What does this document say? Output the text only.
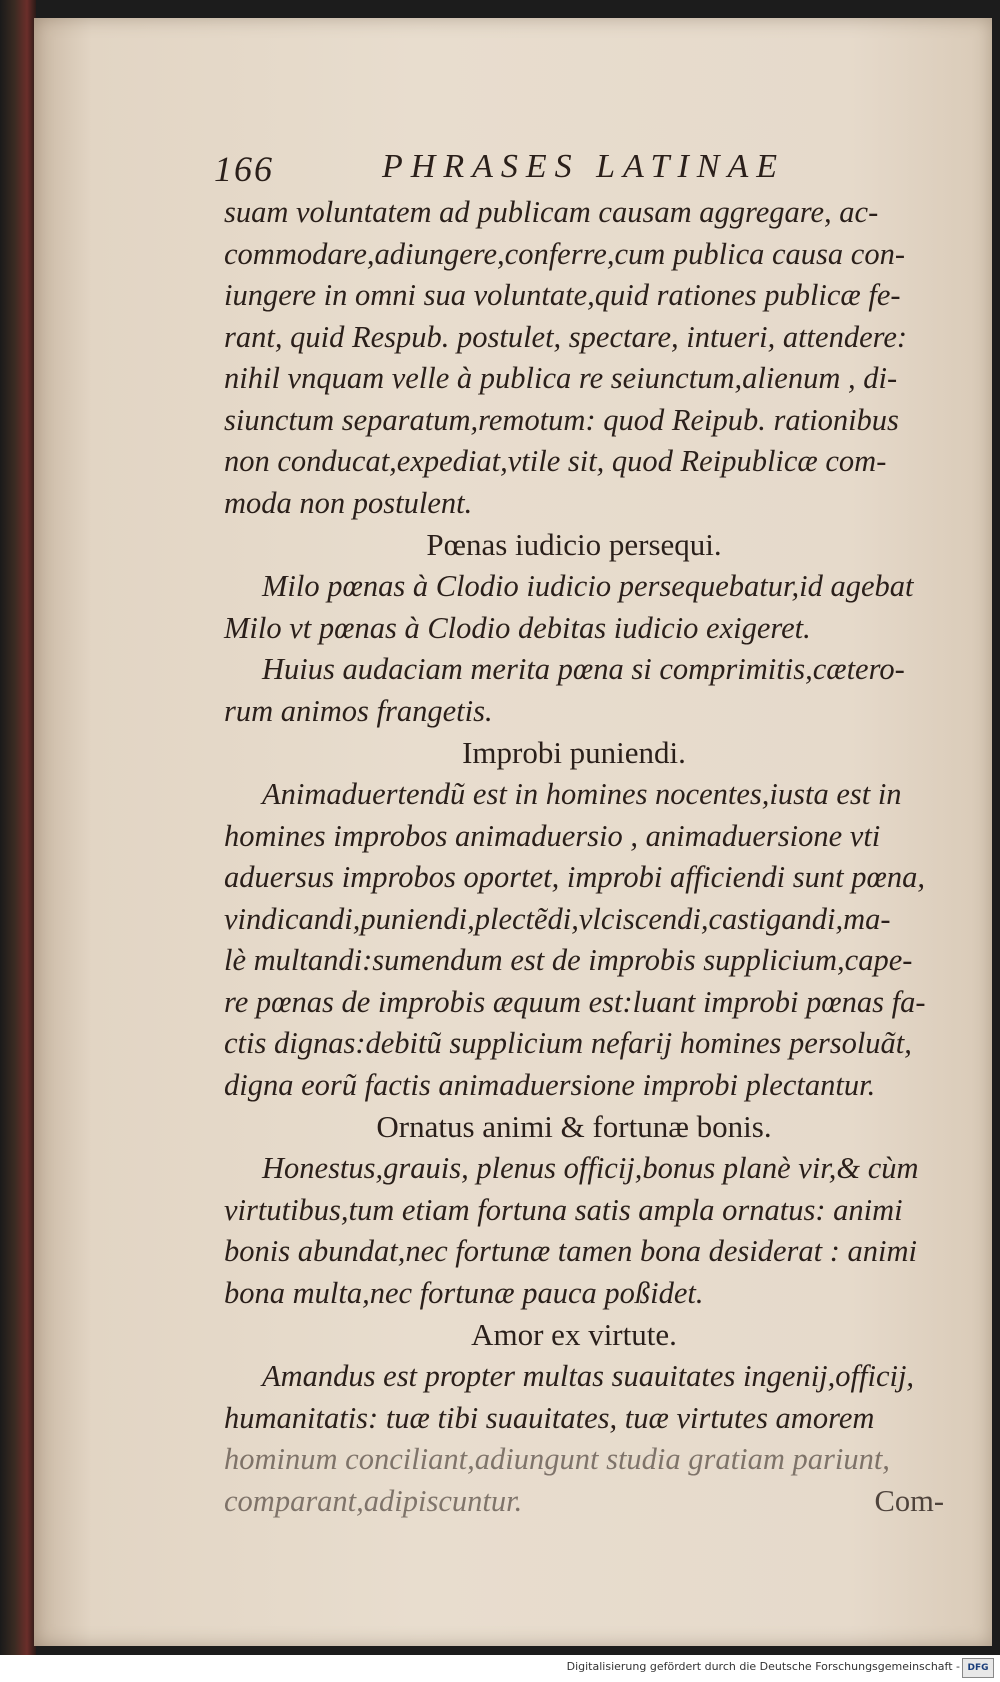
166	PHRASES LATINAE
suam voluntatem ad publicam causam aggregare, ac-
commodare,adiungere,conferre,cum publica causa con-
iungere in omni sua voluntate,quid rationes publicæ fe-
rant, quid Respub. postulet, spectare, intueri, attendere:
nihil vnquam velle à publica re seiunctum,alienum , di-
siunctum separatum,remotum: quod Reipub. rationibus
non conducat,expediat,vtile sit, quod Reipublicæ com-
moda non postulent.
Pœnas iudicio persequi.
Milo pœnas à Clodio iudicio persequebatur,id agebat
Milo vt pœnas à Clodio debitas iudicio exigeret.
Huius audaciam merita pœna si comprimitis,cætero-
rum animos frangetis.
Improbi puniendi.
Animaduertendũ est in homines nocentes,iusta est in
homines improbos animaduersio , animaduersione vti
aduersus improbos oportet, improbi afficiendi sunt pœna,
vindicandi,puniendi,plectẽdi,vlciscendi,castigandi,ma-
lè multandi:sumendum est de improbis supplicium,cape-
re pœnas de improbis æquum est:luant improbi pœnas fa-
ctis dignas:debitũ supplicium nefarij homines persoluãt,
digna eorũ factis animaduersione improbi plectantur.
Ornatus animi & fortunæ bonis.
Honestus,grauis, plenus officij,bonus planè vir,& cùm
virtutibus,tum etiam fortuna satis ampla ornatus: animi
bonis abundat,nec fortunæ tamen bona desiderat : animi
bona multa,nec fortunæ pauca poßidet.
Amor ex virtute.
Amandus est propter multas suauitates ingenij,officij,
humanitatis: tuæ tibi suauitates, tuæ virtutes amorem
hominum conciliant,adiungunt studia gratiam pariunt,
comparant,adipiscuntur.	Com-
Digitalisierung gefördert durch die Deutsche Forschungsgemeinschaft - DFG
